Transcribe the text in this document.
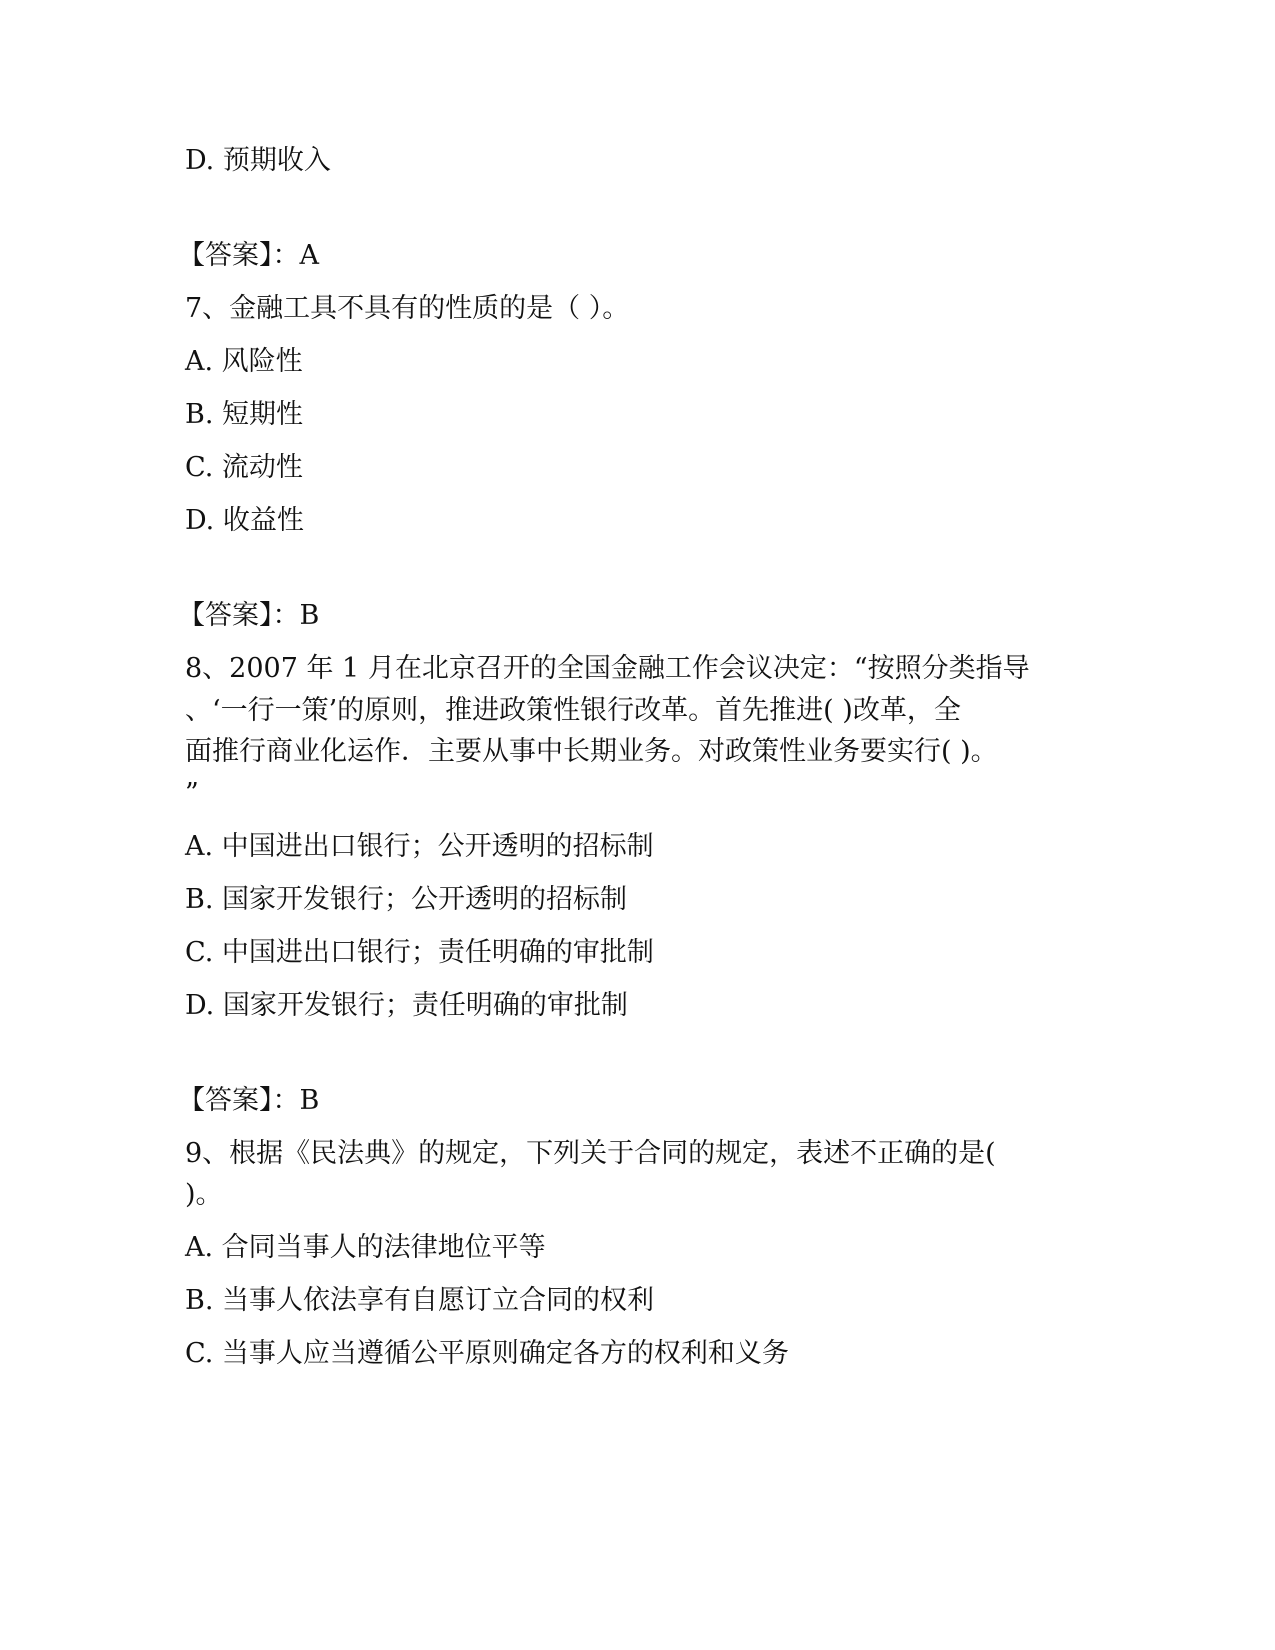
D. 预期收入
【答案】：A
7、金融工具不具有的性质的是（ ）。
A. 风险性
B. 短期性
C. 流动性
D. 收益性
【答案】：B
8、2007 年 1 月在北京召开的全国金融工作会议决定：“按照分类指导
、‘一行一策’的原则，推进政策性银行改革。首先推进( )改革，全
面推行商业化运作．主要从事中长期业务。对政策性业务要实行( )。
”
A. 中国进出口银行；公开透明的招标制
B. 国家开发银行；公开透明的招标制
C. 中国进出口银行；责任明确的审批制
D. 国家开发银行；责任明确的审批制
【答案】：B
9、根据《民法典》的规定，下列关于合同的规定，表述不正确的是(
)。
A. 合同当事人的法律地位平等
B. 当事人依法享有自愿订立合同的权利
C. 当事人应当遵循公平原则确定各方的权利和义务
